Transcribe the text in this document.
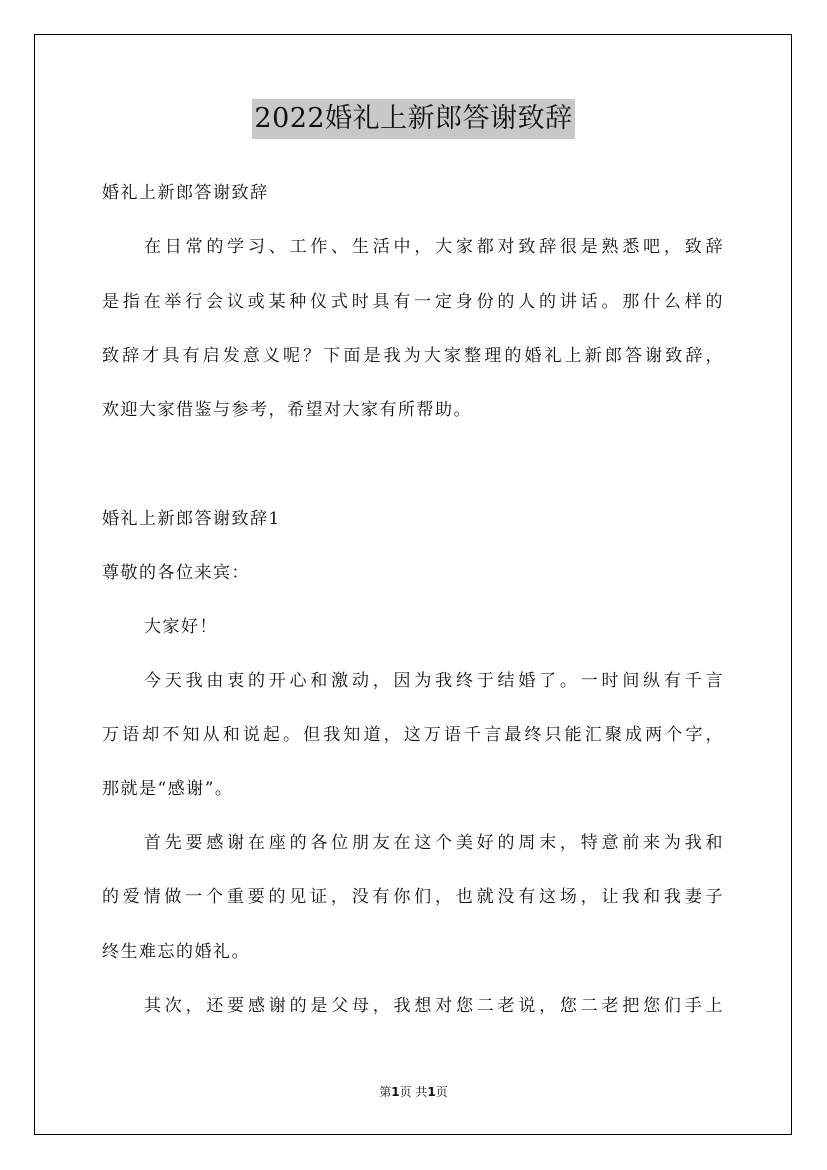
2022婚礼上新郎答谢致辞
婚礼上新郎答谢致辞
在日常的学习、工作、生活中，大家都对致辞很是熟悉吧，致辞
是指在举行会议或某种仪式时具有一定身份的人的讲话。那什么样的
致辞才具有启发意义呢？下面是我为大家整理的婚礼上新郎答谢致辞，
欢迎大家借鉴与参考，希望对大家有所帮助。
婚礼上新郎答谢致辞1
尊敬的各位来宾：
大家好！
今天我由衷的开心和激动，因为我终于结婚了。一时间纵有千言
万语却不知从和说起。但我知道，这万语千言最终只能汇聚成两个字，
那就是“感谢”。
首先要感谢在座的各位朋友在这个美好的周末，特意前来为我和
的爱情做一个重要的见证，没有你们，也就没有这场，让我和我妻子
终生难忘的婚礼。
其次，还要感谢的是父母，我想对您二老说，您二老把您们手上
第1页 共1页
